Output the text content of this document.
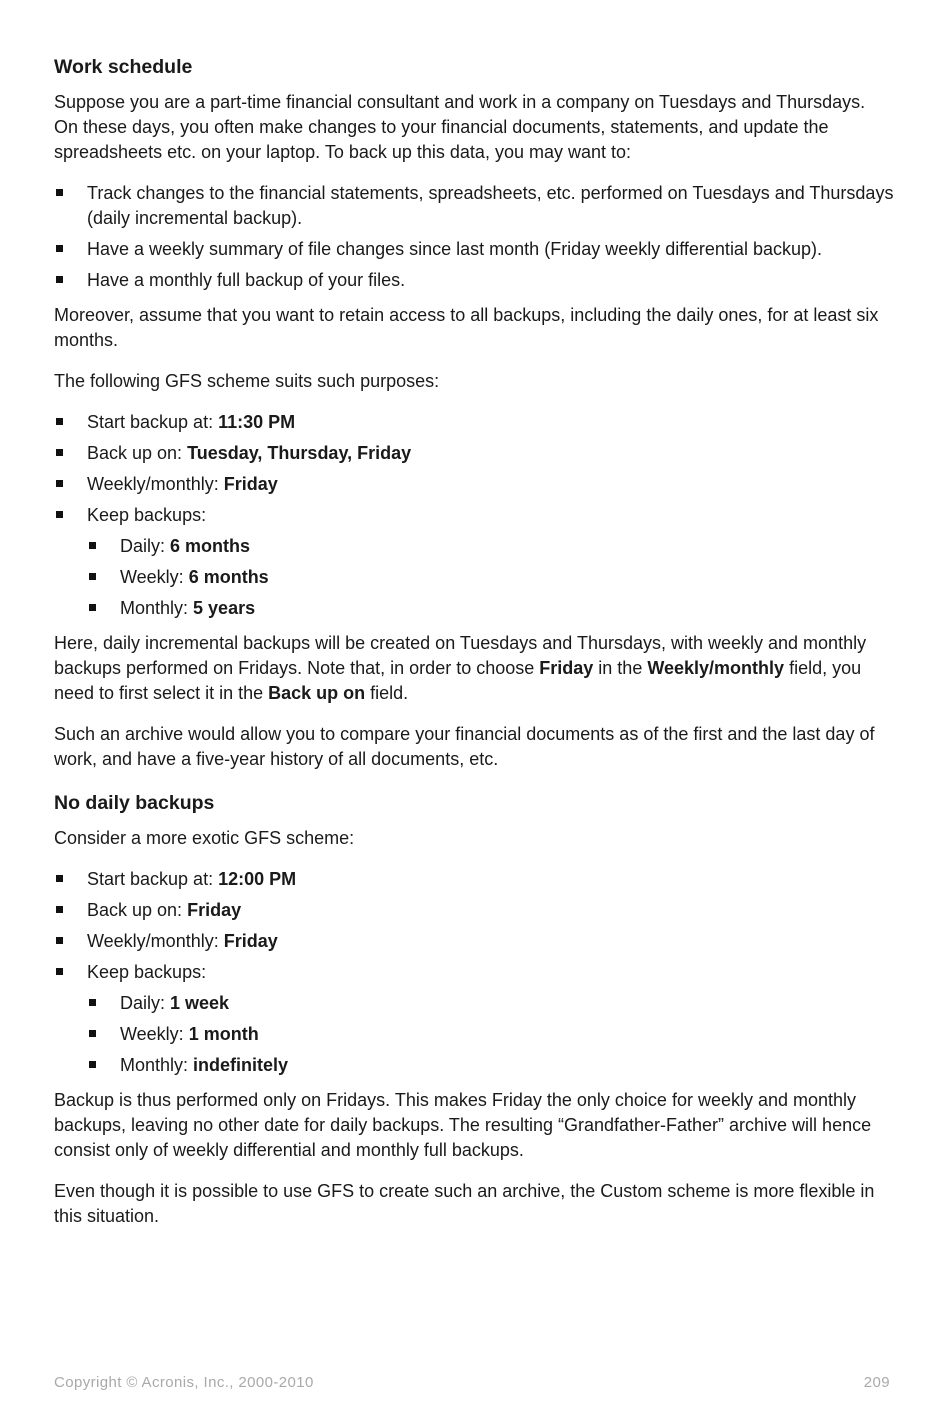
Work schedule

Suppose you are a part-time financial consultant and work in a company on Tuesdays and Thursdays. On these days, you often make changes to your financial documents, statements, and update the spreadsheets etc. on your laptop. To back up this data, you may want to:

Track changes to the financial statements, spreadsheets, etc. performed on Tuesdays and Thursdays (daily incremental backup).
Have a weekly summary of file changes since last month (Friday weekly differential backup).
Have a monthly full backup of your files.

Moreover, assume that you want to retain access to all backups, including the daily ones, for at least six months.

The following GFS scheme suits such purposes:

Start backup at: 11:30 PM
Back up on: Tuesday, Thursday, Friday
Weekly/monthly: Friday
Keep backups:
Daily: 6 months
Weekly: 6 months
Monthly: 5 years

Here, daily incremental backups will be created on Tuesdays and Thursdays, with weekly and monthly backups performed on Fridays. Note that, in order to choose Friday in the Weekly/monthly field, you need to first select it in the Back up on field.

Such an archive would allow you to compare your financial documents as of the first and the last day of work, and have a five-year history of all documents, etc.

No daily backups

Consider a more exotic GFS scheme:

Start backup at: 12:00 PM
Back up on: Friday
Weekly/monthly: Friday
Keep backups:
Daily: 1 week
Weekly: 1 month
Monthly: indefinitely

Backup is thus performed only on Fridays. This makes Friday the only choice for weekly and monthly backups, leaving no other date for daily backups. The resulting “Grandfather-Father” archive will hence consist only of weekly differential and monthly full backups.

Even though it is possible to use GFS to create such an archive, the Custom scheme is more flexible in this situation.

Copyright © Acronis, Inc., 2000-2010	209
